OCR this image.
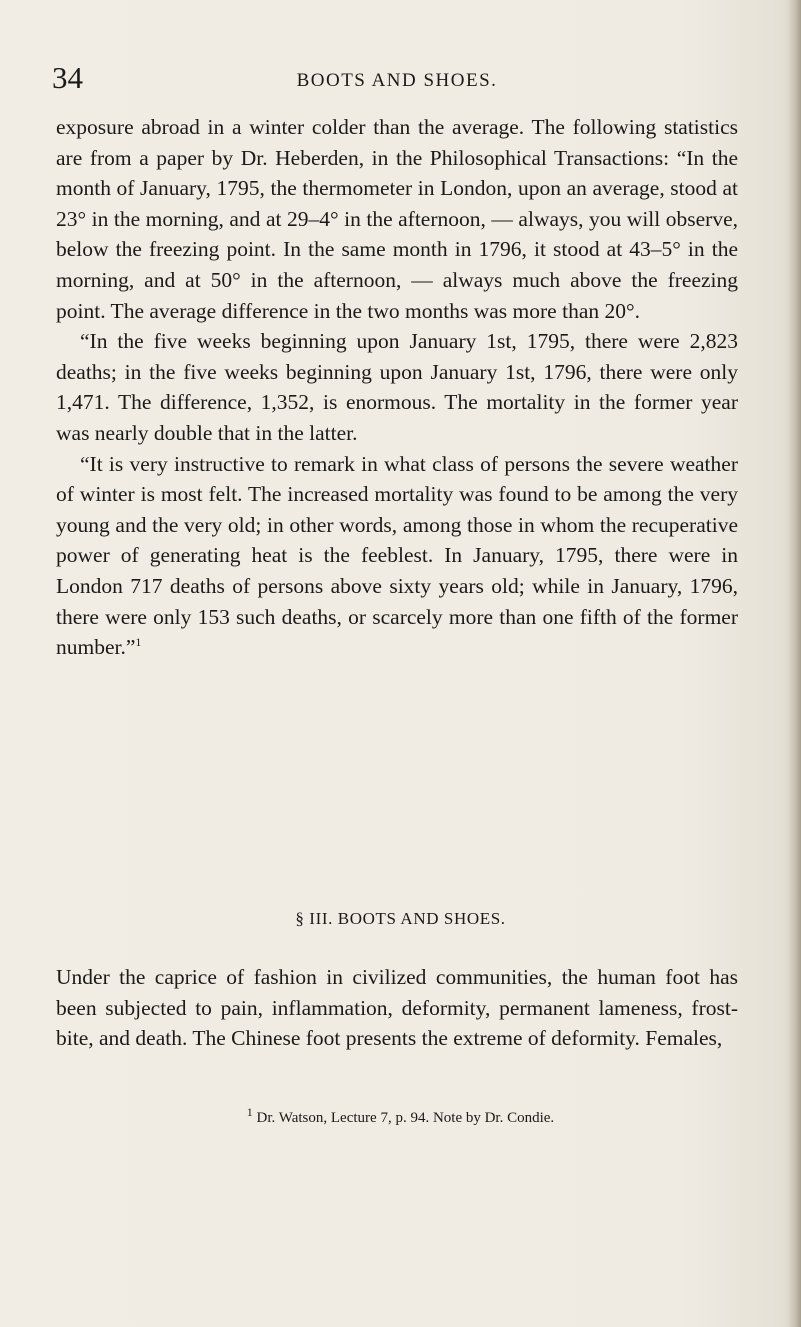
34	BOOTS AND SHOES.

exposure abroad in a winter colder than the average. The following statistics are from a paper by Dr. Heberden, in the Philosophical Transactions: “In the month of January, 1795, the thermometer in London, upon an average, stood at 23° in the morning, and at 29–4° in the afternoon, — always, you will observe, below the freezing point. In the same month in 1796, it stood at 43–5° in the morning, and at 50° in the afternoon, — always much above the freezing point. The average difference in the two months was more than 20°.

“In the five weeks beginning upon January 1st, 1795, there were 2,823 deaths; in the five weeks beginning upon January 1st, 1796, there were only 1,471. The difference, 1,352, is enormous. The mortality in the former year was nearly double that in the latter.

“It is very instructive to remark in what class of persons the severe weather of winter is most felt. The increased mortality was found to be among the very young and the very old; in other words, among those in whom the recuperative power of generating heat is the feeblest. In January, 1795, there were in London 717 deaths of persons above sixty years old; while in January, 1796, there were only 153 such deaths, or scarcely more than one fifth of the former number.”$^1$

§ III. BOOTS AND SHOES.

Under the caprice of fashion in civilized communities, the human foot has been subjected to pain, inflammation, deformity, permanent lameness, frost-bite, and death. The Chinese foot presents the extreme of deformity. Females,

$^1$ Dr. Watson, Lecture 7, p. 94. Note by Dr. Condie.
